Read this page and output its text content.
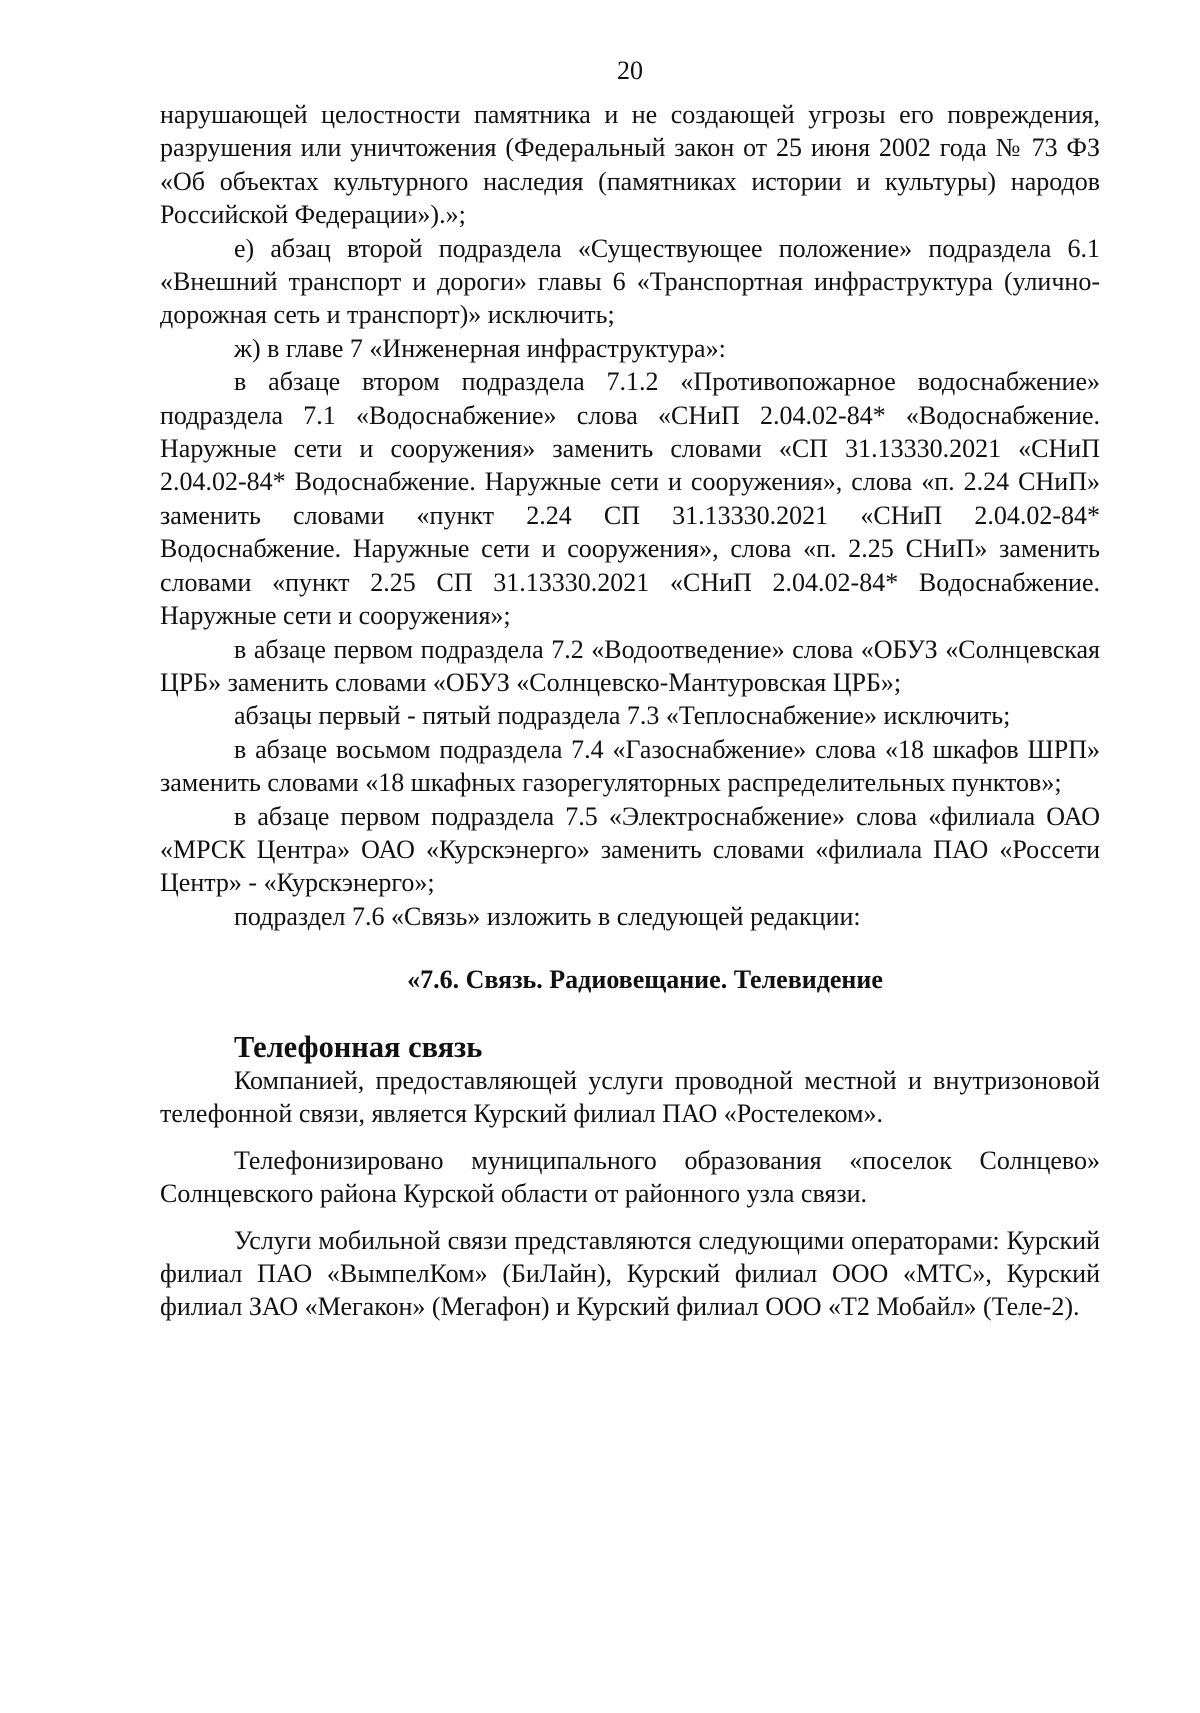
20

нарушающей целостности памятника и не создающей угрозы его повреждения, разрушения или уничтожения (Федеральный закон от 25 июня 2002 года № 73 ФЗ «Об объектах культурного наследия (памятниках истории и культуры) народов Российской Федерации»).»;

е) абзац второй подраздела «Существующее положение» подраздела 6.1 «Внешний транспорт и дороги» главы 6 «Транспортная инфраструктура (улично-дорожная сеть и транспорт)» исключить;

ж) в главе 7 «Инженерная инфраструктура»:

в абзаце втором подраздела 7.1.2 «Противопожарное водоснабжение» подраздела 7.1 «Водоснабжение» слова «СНиП 2.04.02-84* «Водоснабжение. Наружные сети и сооружения» заменить словами «СП 31.13330.2021 «СНиП 2.04.02-84* Водоснабжение. Наружные сети и сооружения», слова «п. 2.24 СНиП» заменить словами «пункт 2.24 СП 31.13330.2021 «СНиП 2.04.02-84* Водоснабжение. Наружные сети и сооружения», слова «п. 2.25 СНиП» заменить словами «пункт 2.25 СП 31.13330.2021 «СНиП 2.04.02-84* Водоснабжение. Наружные сети и сооружения»;

в абзаце первом подраздела 7.2 «Водоотведение» слова «ОБУЗ «Солнцевская ЦРБ» заменить словами «ОБУЗ «Солнцевско-Мантуровская ЦРБ»;

абзацы первый - пятый подраздела 7.3 «Теплоснабжение» исключить;

в абзаце восьмом подраздела 7.4 «Газоснабжение» слова «18 шкафов ШРП» заменить словами «18 шкафных газорегуляторных распределительных пунктов»;

в абзаце первом подраздела 7.5 «Электроснабжение» слова «филиала ОАО «МРСК Центра» ОАО «Курскэнерго» заменить словами «филиала ПАО «Россети Центр» - «Курскэнерго»;

подраздел 7.6 «Связь» изложить в следующей редакции:

«7.6. Связь. Радиовещание. Телевидение
Телефонная связь

Компанией, предоставляющей услуги проводной местной и внутризоновой телефонной связи, является Курский филиал ПАО «Ростелеком».

Телефонизировано муниципального образования «поселок Солнцево» Солнцевского района Курской области от районного узла связи.

Услуги мобильной связи представляются следующими операторами: Курский филиал ПАО «ВымпелКом» (БиЛайн), Курский филиал ООО «МТС», Курский филиал ЗАО «Мегакон» (Мегафон) и Курский филиал ООО «Т2 Мобайл» (Теле-2).
